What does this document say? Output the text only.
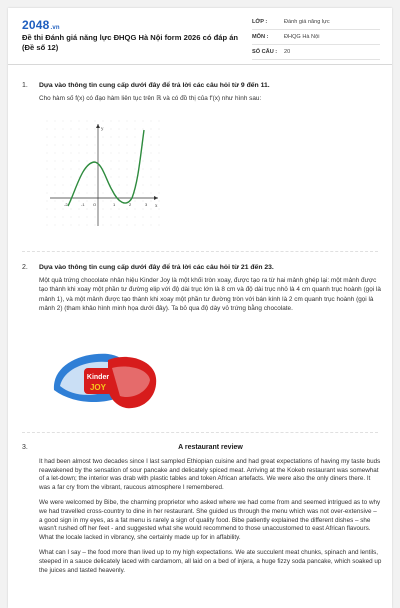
2048.vn
Đề thi Đánh giá năng lực ĐHQG Hà Nội form 2026 có đáp án (Đề số 12)
LỚP :	Đánh giá năng lực
MÔN :	ĐHQG Hà Nội
SỐ CÂU :	20
1. Dựa vào thông tin cung cấp dưới đây để trả lời các câu hỏi từ 9 đến 11.
Cho hàm số f(x) có đạo hàm liên tục trên ℝ và có đồ thị của f′(x) như hình sau:
x
y
-2	-1 O	1	2	3
2. Dựa vào thông tin cung cấp dưới đây để trả lời các câu hỏi từ 21 đến 23.
Một quả trứng chocolate nhân hiệu Kinder Joy là một khối tròn xoay, được tạo ra từ hai mảnh ghép lại: một mảnh được tạo thành khi xoay một phần tư đường elip với độ dài trục lớn là 8 cm và độ dài trục nhỏ là 4 cm quanh trục hoành (gọi là mảnh 1), và một mảnh được tạo thành khi xoay một phần tư đường tròn với bán kính là 2 cm quanh trục hoành (gọi là mảnh 2) (tham khảo hình minh họa dưới đây). Ta bỏ qua độ dày vỏ trứng bằng chocolate.
Kinder
JOY
3.	A restaurant review
It had been almost two decades since I last sampled Ethiopian cuisine and had great expectations of having my taste buds reawakened by the sensation of sour pancake and delicately spiced meat. Arriving at the Kokeb restaurant was somewhat of a let-down; the interior was drab with plastic tables and token African artefacts. We were also the only diners there. It was a far cry from the vibrant, raucous atmosphere I remembered.
We were welcomed by Bibe, the charming proprietor who asked where we had come from and seemed intrigued as to why we had travelled cross-country to dine in her restaurant. She guided us through the menu which was not over-extensive – a good sign in my eyes, as a fat menu is rarely a sign of quality food. Bibe patiently explained the different dishes – she wasn't rushed off her feet - and suggested what she would recommend to those unaccustomed to east African flavours. What the locale lacked in vibrancy, she certainly made up for in affability.
What can I say – the food more than lived up to my high expectations. We ate succulent meat chunks, spinach and lentils, steeped in a sauce delicately laced with cardamom, all laid on a bed of injera, a huge fizzy soda pancake, which soaked up the juices and tasted heavenly.
